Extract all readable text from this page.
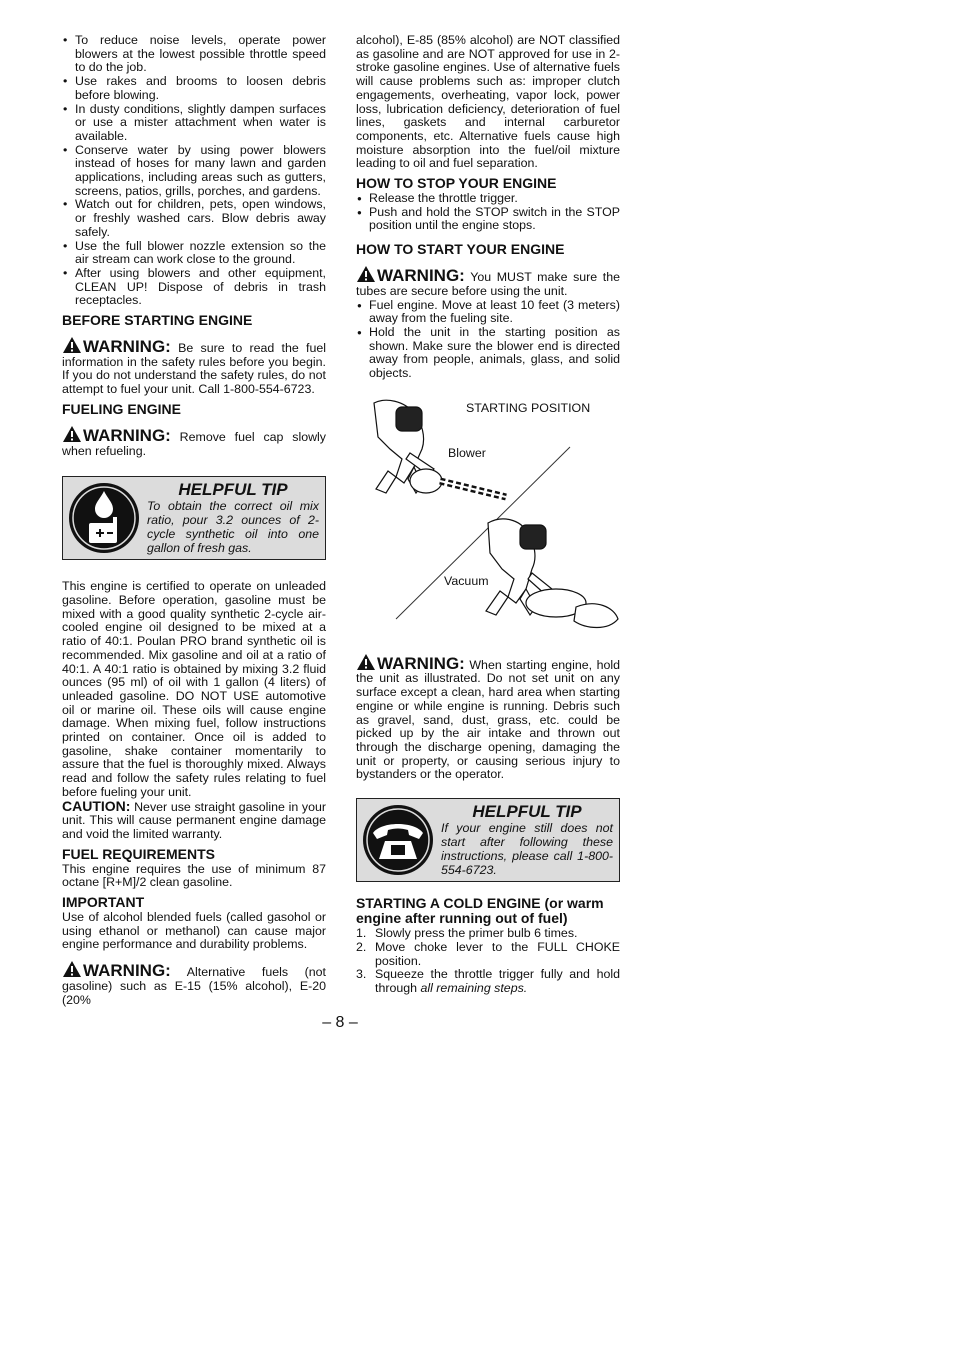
• To reduce noise levels, operate power blowers at the lowest possible throttle speed to do the job.
• Use rakes and brooms to loosen debris before blowing.
• In dusty conditions, slightly dampen surfaces or use a mister attachment when water is available.
• Conserve water by using power blowers instead of hoses for many lawn and garden applications, including areas such as gutters, screens, patios, grills, porches, and gardens.
• Watch out for children, pets, open windows, or freshly washed cars. Blow debris away safely.
• Use the full blower nozzle extension so the air stream can work close to the ground.
• After using blowers and other equipment, CLEAN UP! Dispose of debris in trash receptacles.
BEFORE STARTING ENGINE
WARNING: Be sure to read the fuel information in the safety rules before you begin. If you do not understand the safety rules, do not attempt to fuel your unit. Call 1-800-554-6723.
FUELING ENGINE
WARNING: Remove fuel cap slowly when refueling.
HELPFUL TIP
To obtain the correct oil mix ratio, pour 3.2 ounces of 2-cycle synthetic oil into one gallon of fresh gas.
This engine is certified to operate on unleaded gasoline. Before operation, gasoline must be mixed with a good quality synthetic 2-cycle air-cooled engine oil designed to be mixed at a ratio of 40:1. Poulan PRO brand synthetic oil is recommended. Mix gasoline and oil at a ratio of 40:1. A 40:1 ratio is obtained by mixing 3.2 fluid ounces (95 ml) of oil with 1 gallon (4 liters) of unleaded gasoline. DO NOT USE automotive oil or marine oil. These oils will cause engine damage. When mixing fuel, follow instructions printed on container. Once oil is added to gasoline, shake container momentarily to assure that the fuel is thoroughly mixed. Always read and follow the safety rules relating to fuel before fueling your unit.
CAUTION: Never use straight gasoline in your unit. This will cause permanent engine damage and void the limited warranty.
FUEL REQUIREMENTS
This engine requires the use of minimum 87 octane [R+M]/2 clean gasoline.
IMPORTANT
Use of alcohol blended fuels (called gasohol or using ethanol or methanol) can cause major engine performance and durability problems.
WARNING: Alternative fuels (not gasoline) such as E-15 (15% alcohol), E-20 (20%
alcohol), E-85 (85% alcohol) are NOT classified as gasoline and are NOT approved for use in 2-stroke gasoline engines. Use of alternative fuels will cause problems such as: improper clutch engagements, overheating, vapor lock, power loss, lubrication deficiency, deterioration of fuel lines, gaskets and internal carburetor components, etc. Alternative fuels cause high moisture absorption into the fuel/oil mixture leading to oil and fuel separation.
HOW TO STOP YOUR ENGINE
● Release the throttle trigger.
● Push and hold the STOP switch in the STOP position until the engine stops.
HOW TO START YOUR ENGINE
WARNING: You MUST make sure the tubes are secure before using the unit.
● Fuel engine. Move at least 10 feet (3 meters) away from the fueling site.
● Hold the unit in the starting position as shown. Make sure the blower end is directed away from people, animals, glass, and solid objects.
STARTING POSITION
Blower
Vacuum
WARNING: When starting engine, hold the unit as illustrated. Do not set unit on any surface except a clean, hard area when starting engine or while engine is running. Debris such as gravel, sand, dust, grass, etc. could be picked up by the air intake and thrown out through the discharge opening, damaging the unit or property, or causing serious injury to bystanders or the operator.
HELPFUL TIP
If your engine still does not start after following these instructions, please call 1-800-554-6723.
STARTING A COLD ENGINE (or warm engine after running out of fuel)
1. Slowly press the primer bulb 6 times.
2. Move choke lever to the FULL CHOKE position.
3. Squeeze the throttle trigger fully and hold through all remaining steps.
– 8 –
